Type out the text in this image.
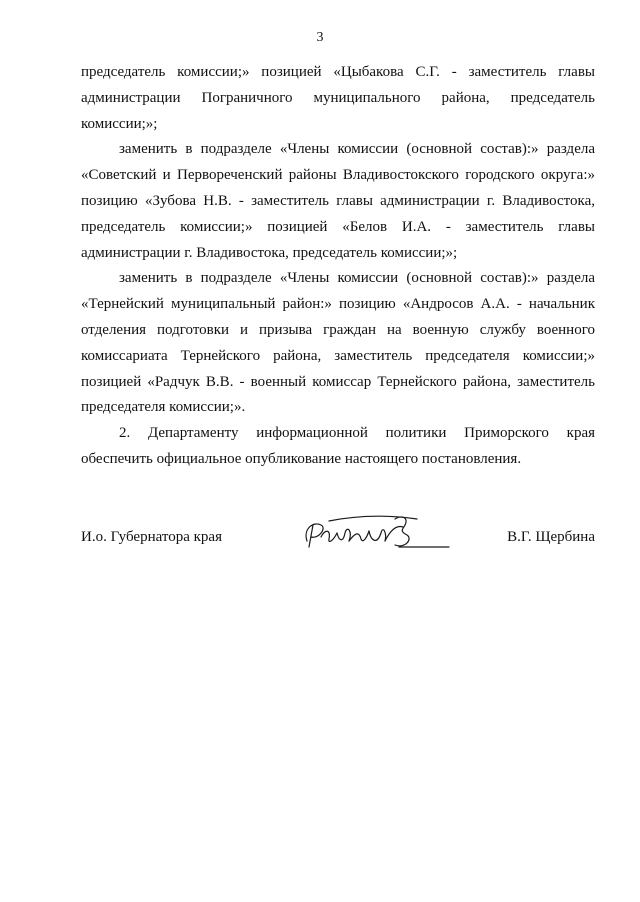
3

председатель комиссии;» позицией «Цыбакова С.Г. - заместитель главы администрации Пограничного муниципального района, председатель комиссии;»;

заменить в подразделе «Члены комиссии (основной состав):» раздела «Советский и Первореченский районы Владивостокского городского округа:» позицию «Зубова Н.В. - заместитель главы администрации г. Владивостока, председатель комиссии;» позицией «Белов И.А. - заместитель главы администрации г. Владивостока, председатель комиссии;»;

заменить в подразделе «Члены комиссии (основной состав):» раздела «Тернейский муниципальный район:» позицию «Андросов А.А. - начальник отделения подготовки и призыва граждан на военную службу военного комиссариата Тернейского района, заместитель председателя комиссии;» позицией «Радчук В.В. - военный комиссар Тернейского района, заместитель председателя комиссии;».

2. Департаменту информационной политики Приморского края обеспечить официальное опубликование настоящего постановления.

И.о. Губернатора края	В.Г. Щербина
